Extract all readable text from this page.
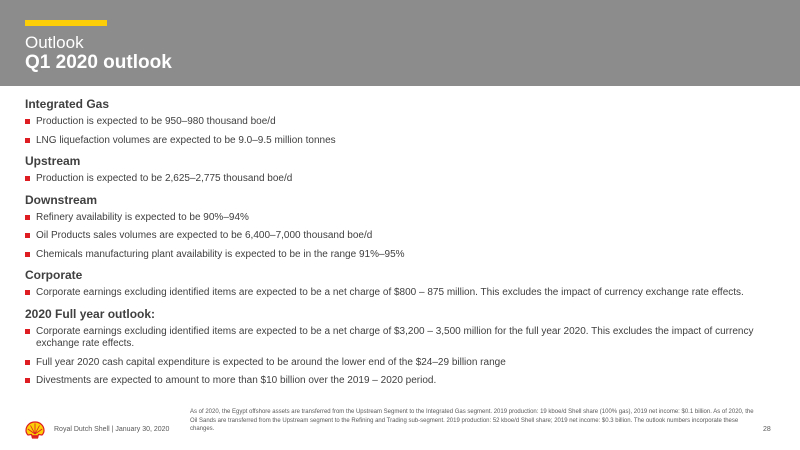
Outlook
Q1 2020 outlook
Integrated Gas
Production is expected to be 950–980 thousand boe/d
LNG liquefaction volumes are expected to be 9.0–9.5 million tonnes
Upstream
Production is expected to be 2,625–2,775 thousand boe/d
Downstream
Refinery availability is expected to be 90%–94%
Oil Products sales volumes are expected to be 6,400–7,000 thousand boe/d
Chemicals manufacturing plant availability is expected to be in the range 91%–95%
Corporate
Corporate earnings excluding identified items are expected to be a net charge of $800 – 875 million. This excludes the impact of currency exchange rate effects.
2020 Full year outlook:
Corporate earnings excluding identified items are expected to be a net charge of $3,200 – 3,500 million for the full year 2020. This excludes the impact of currency exchange rate effects.
Full year 2020 cash capital expenditure is expected to be around the lower end of the $24–29 billion range
Divestments are expected to amount to more than $10 billion over the 2019 – 2020 period.
Royal Dutch Shell | January 30, 2020
As of 2020, the Egypt offshore assets are transferred from the Upstream Segment to the Integrated Gas segment. 2019 production: 19 kboe/d Shell share (100% gas), 2019 net income: $0.1 billion. As of 2020, the Oil Sands are transferred from the Upstream segment to the Refining and Trading sub-segment. 2019 production: 52 kboe/d Shell share; 2019 net income: $0.3 billion. The outlook numbers incorporate these changes.	28
